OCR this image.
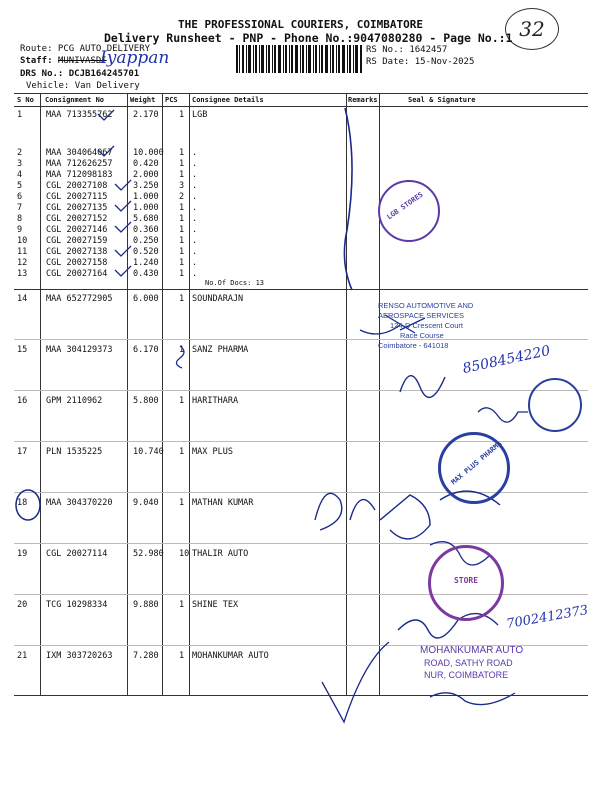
32
THE PROFESSIONAL COURIERS, COIMBATORE
Delivery Runsheet - PNP - Phone No.:9047080280 - Page No.:1
Route: PCG AUTO DELIVERY
Staff: MUNIVASDI
Iyappan
DRS No.: DCJB164245701
Vehicle: Van Delivery
RS No.: 1642457
RS Date: 15-Nov-2025
S No Consignment No	Weight PCS Consignee Details	Remarks	Seal & Signature
1	MAA 713355762 2.170 1 LGB
2	MAA 304064067 10.000 1 .
3	MAA 712626257 0.420 1 .
4	MAA 712098183 2.000 1 .
5	CGL 20027108	3.250 3 .
6	CGL 20027115	1.000 2 .
7	CGL 20027135	1.000 1 .
8	CGL 20027152	5.680 1 .
9	CGL 20027146	0.360 1 .
10 CGL 20027159	0.250 1 .
11 CGL 20027138	0.520 1 .
12 CGL 20027158	1.240 1 .
13 CGL 20027164	0.430 1 .
No.Of Docs: 13
14 MAA 652772905 6.000 1 SOUNDARAJN
15 MAA 304129373 6.170 1 SANZ PHARMA
16 GPM 2110962	5.800 1 HARITHARA
17 PLN 1535225	10.740 1 MAX PLUS
18 MAA 304370220 9.040 1 MATHAN KUMAR
19 CGL 20027114	52.980 10 THALIR AUTO
20 TCG 10298334	9.880 1 SHINE TEX
21 IXM 303720263 7.280 1 MOHANKUMAR AUTO
LGB STORES
RENSO AUTOMOTIVE AND
AEROSPACE SERVICES
124-D Crescent Court
Race Course
Coimbatore - 641018 8508454220
MAX PLUS PHARMA
STORE
7002412373
MOHANKUMAR AUTO
ROAD, SATHY ROAD
NUR, COIMBATORE
